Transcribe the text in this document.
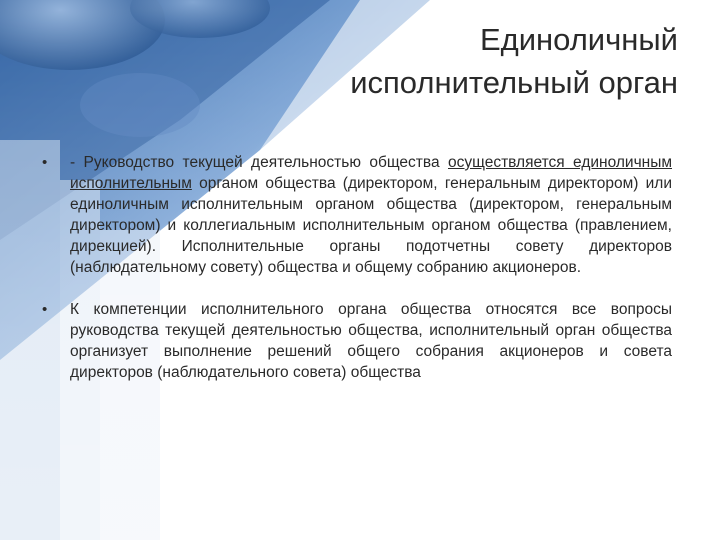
Единоличный
исполнительный орган
• - Руководство текущей деятельностью общества осуществляется единоличным исполнительным органом общества (директором, генеральным директором) или единоличным исполнительным органом общества (директором, генеральным директором) и коллегиальным исполнительным органом общества (правлением, дирекцией). Исполнительные органы подотчетны совету директоров (наблюдательному совету) общества и общему собранию акционеров.
• К компетенции исполнительного органа общества относятся все вопросы руководства текущей деятельностью общества, исполнительный орган общества организует выполнение решений общего собрания акционеров и совета директоров (наблюдательного совета) общества
